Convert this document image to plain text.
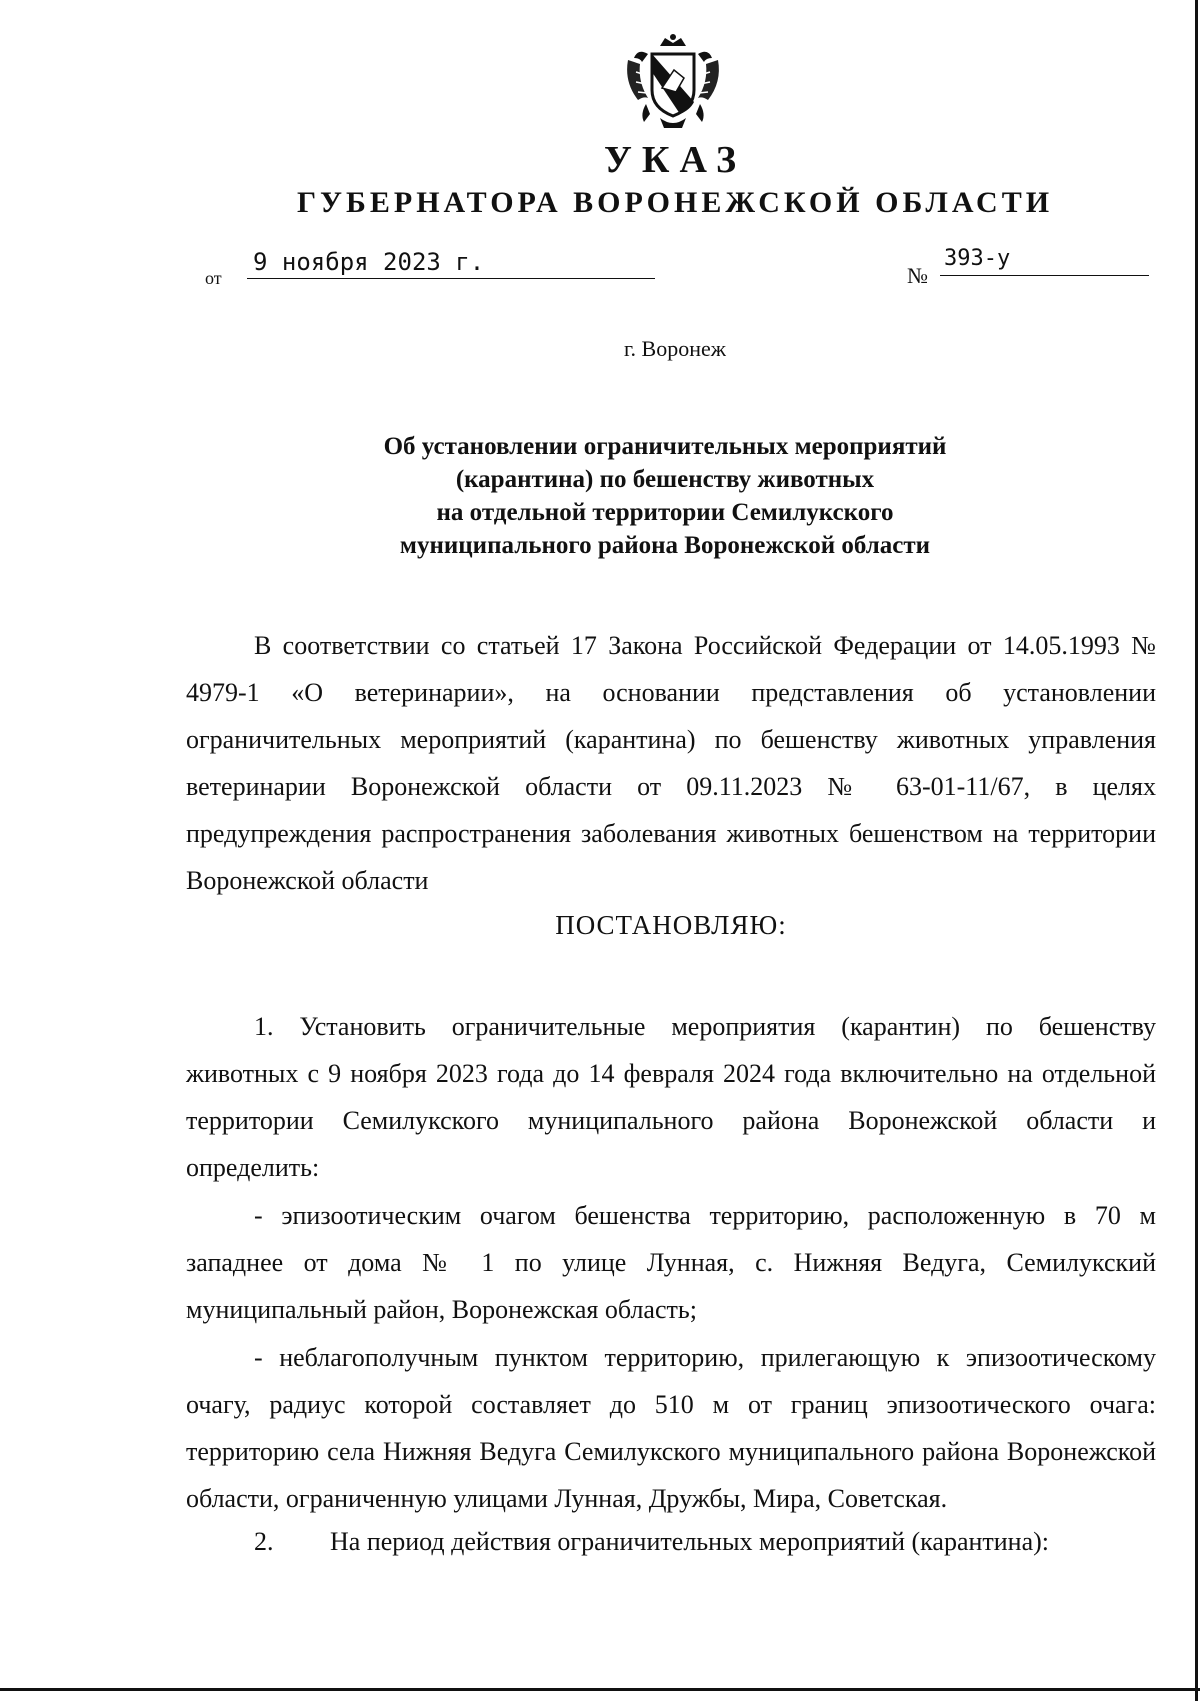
УКАЗ
ГУБЕРНАТОРА ВОРОНЕЖСКОЙ ОБЛАСТИ
от
9 ноября 2023 г.	№
393-у
г. Воронеж
Об установлении ограничительных мероприятий
(карантина) по бешенству животных
на отдельной территории Семилукского
муниципального района Воронежской области

В соответствии со статьей 17 Закона Российской Федерации от 14.05.1993 № 4979-1 «О ветеринарии», на основании представления об установлении ограничительных мероприятий (карантина) по бешенству животных управления ветеринарии Воронежской области от 09.11.2023 № 63-01-11/67, в целях предупреждения распространения заболевания животных бешенством на территории Воронежской области

ПОСТАНОВЛЯЮ:

1. Установить ограничительные мероприятия (карантин) по бешенству животных с 9 ноября 2023 года до 14 февраля 2024 года включительно на отдельной территории Семилукского муниципального района Воронежской области и определить:

- эпизоотическим очагом бешенства территорию, расположенную в 70 м западнее от дома № 1 по улице Лунная, с. Нижняя Ведуга, Семилукский муниципальный район, Воронежская область;

- неблагополучным пунктом территорию, прилегающую к эпизоотическому очагу, радиус которой составляет до 510 м от границ эпизоотического очага: территорию села Нижняя Ведуга Семилукского муниципального района Воронежской области, ограниченную улицами Лунная, Дружбы, Мира, Советская.

2. На период действия ограничительных мероприятий (карантина):
